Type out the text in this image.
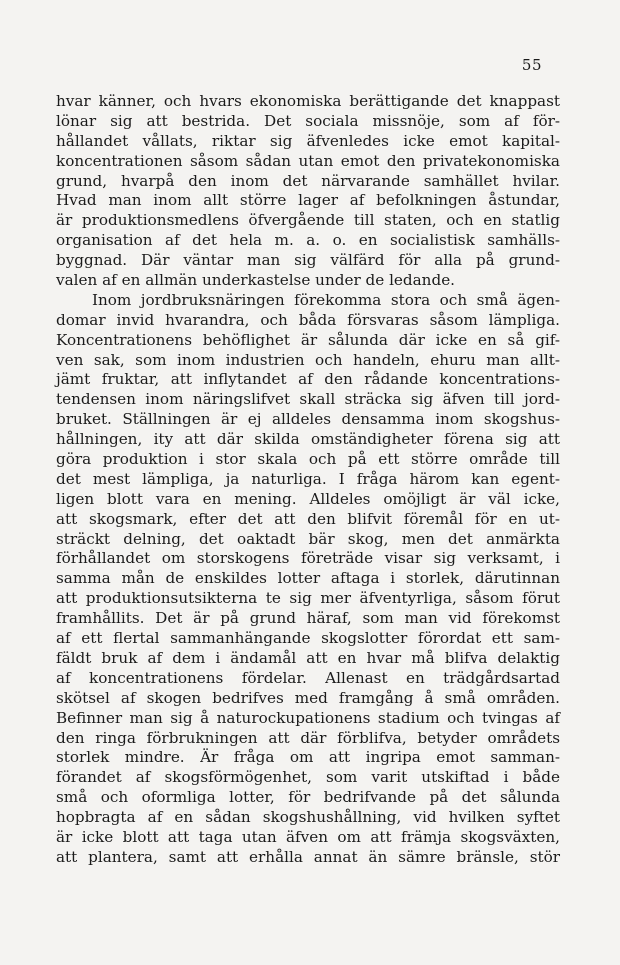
55
hvar känner, och hvars ekonomiska berättigande det knappast
lönar sig att bestrida. Det sociala missnöje, som af för-
hållandet vållats, riktar sig äfvenledes icke emot kapital-
koncentrationen såsom sådan utan emot den privatekonomiska
grund, hvarpå den inom det närvarande samhället hvilar.
Hvad man inom allt större lager af befolkningen åstundar,
är produktionsmedlens öfvergående till staten, och en statlig
organisation af det hela m. a. o. en socialistisk samhälls-
byggnad. Där väntar man sig välfärd för alla på grund-
valen af en allmän underkastelse under de ledande.
Inom jordbruksnäringen förekomma stora och små ägen-
domar invid hvarandra, och båda försvaras såsom lämpliga.
Koncentrationens behöflighet är sålunda där icke en så gif-
ven sak, som inom industrien och handeln, ehuru man allt-
jämt fruktar, att inflytandet af den rådande koncentrations-
tendensen inom näringslifvet skall sträcka sig äfven till jord-
bruket. Ställningen är ej alldeles densamma inom skogshus-
hållningen, ity att där skilda omständigheter förena sig att
göra produktion i stor skala och på ett större område till
det mest lämpliga, ja naturliga. I fråga härom kan egent-
ligen blott vara en mening. Alldeles omöjligt är väl icke,
att skogsmark, efter det att den blifvit föremål för en ut-
sträckt delning, det oaktadt bär skog, men det anmärkta
förhållandet om storskogens företräde visar sig verksamt, i
samma mån de enskildes lotter aftaga i storlek, därutinnan
att produktionsutsikterna te sig mer äfventyrliga, såsom förut
framhållits. Det är på grund häraf, som man vid förekomst
af ett flertal sammanhängande skogslotter förordat ett sam-
fäldt bruk af dem i ändamål att en hvar må blifva delaktig
af koncentrationens fördelar. Allenast en trädgårdsartad
skötsel af skogen bedrifves med framgång å små områden.
Befinner man sig å naturockupationens stadium och tvingas af
den ringa förbrukningen att där förblifva, betyder områdets
storlek mindre. Är fråga om att ingripa emot samman-
förandet af skogsförmögenhet, som varit utskiftad i både
små och oformliga lotter, för bedrifvande på det sålunda
hopbragta af en sådan skogshushållning, vid hvilken syftet
är icke blott att taga utan äfven om att främja skogsväxten,
att plantera, samt att erhålla annat än sämre bränsle, stör
